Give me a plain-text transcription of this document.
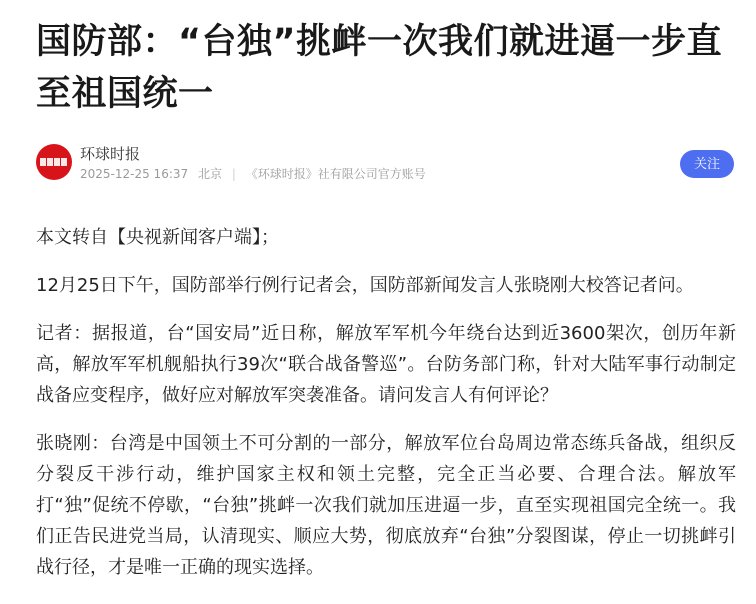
国防部：“台独”挑衅一次我们就进逼一步直至祖国统一
环球时报
2025-12-25 16:37 北京 | 《环球时报》社有限公司官方账号
关注

本文转自【央视新闻客户端】；

12月25日下午，国防部举行例行记者会，国防部新闻发言人张晓刚大校答记者问。

记者：据报道，台“国安局”近日称，解放军军机今年绕台达到近3600架次，创历年新高，解放军军机舰船执行39次“联合战备警巡”。台防务部门称，针对大陆军事行动制定战备应变程序，做好应对解放军突袭准备。请问发言人有何评论？

张晓刚：台湾是中国领土不可分割的一部分，解放军位台岛周边常态练兵备战，组织反分裂反干涉行动，维护国家主权和领土完整，完全正当必要、合理合法。解放军打“独”促统不停歇，“台独”挑衅一次我们就加压进逼一步，直至实现祖国完全统一。我们正告民进党当局，认清现实、顺应大势，彻底放弃“台独”分裂图谋，停止一切挑衅引战行径，才是唯一正确的现实选择。
